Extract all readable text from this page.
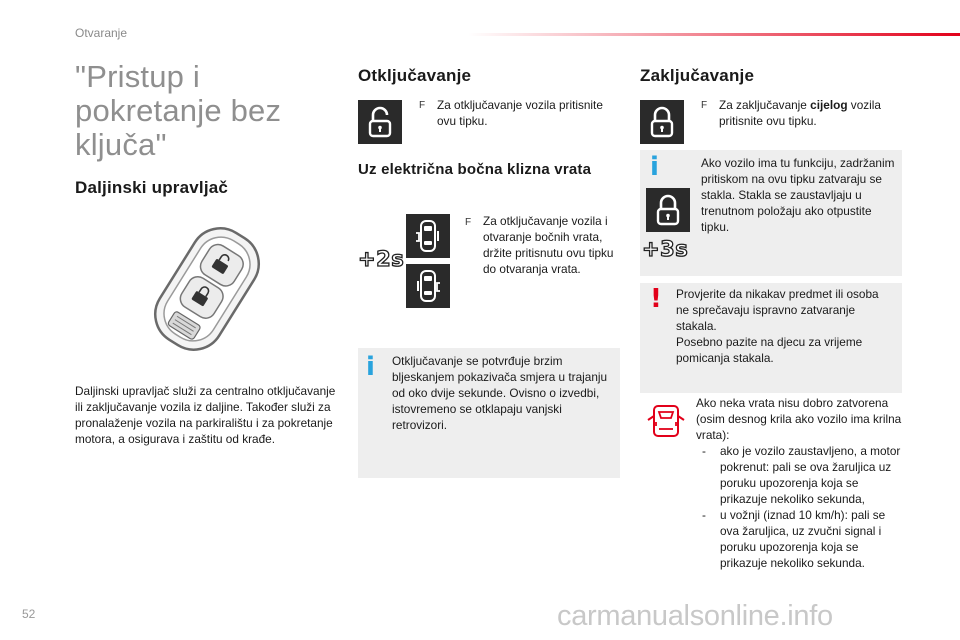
Otvaranje
"Pristup i pokretanje bez ključa"
Daljinski upravljač
Daljinski upravljač služi za centralno otključavanje ili zaključavanje vozila iz daljine. Također služi za pronalaženje vozila na parkiralištu i za pokretanje motora, a osigurava i zaštitu od krađe.
Otključavanje
F Za otključavanje vozila pritisnite ovu tipku.
Uz električna bočna klizna vrata
+2s
F Za otključavanje vozila i otvaranje bočnih vrata, držite pritisnutu ovu tipku do otvaranja vrata.
i Otključavanje se potvrđuje brzim bljeskanjem pokazivača smjera u trajanju od oko dvije sekunde. Ovisno o izvedbi, istovremeno se otklapaju vanjski retrovizori.
Zaključavanje
F Za zaključavanje cijelog vozila pritisnite ovu tipku.
i
+3s
Ako vozilo ima tu funkciju, zadržanim pritiskom na ovu tipku zatvaraju se stakla. Stakla se zaustavljaju u trenutnom položaju ako otpustite tipku.
! Provjerite da nikakav predmet ili osoba ne sprečavaju ispravno zatvaranje stakala.
Posebno pazite na djecu za vrijeme pomicanja stakala.
Ako neka vrata nisu dobro zatvorena (osim desnog krila ako vozilo ima krilna vrata):
- ako je vozilo zaustavljeno, a motor pokrenut: pali se ova žaruljica uz poruku upozorenja koja se prikazuje nekoliko sekunda,
- u vožnji (iznad 10 km/h): pali se ova žaruljica, uz zvučni signal i poruku upozorenja koja se prikazuje nekoliko sekunda.
52	carmanualsonline.info
